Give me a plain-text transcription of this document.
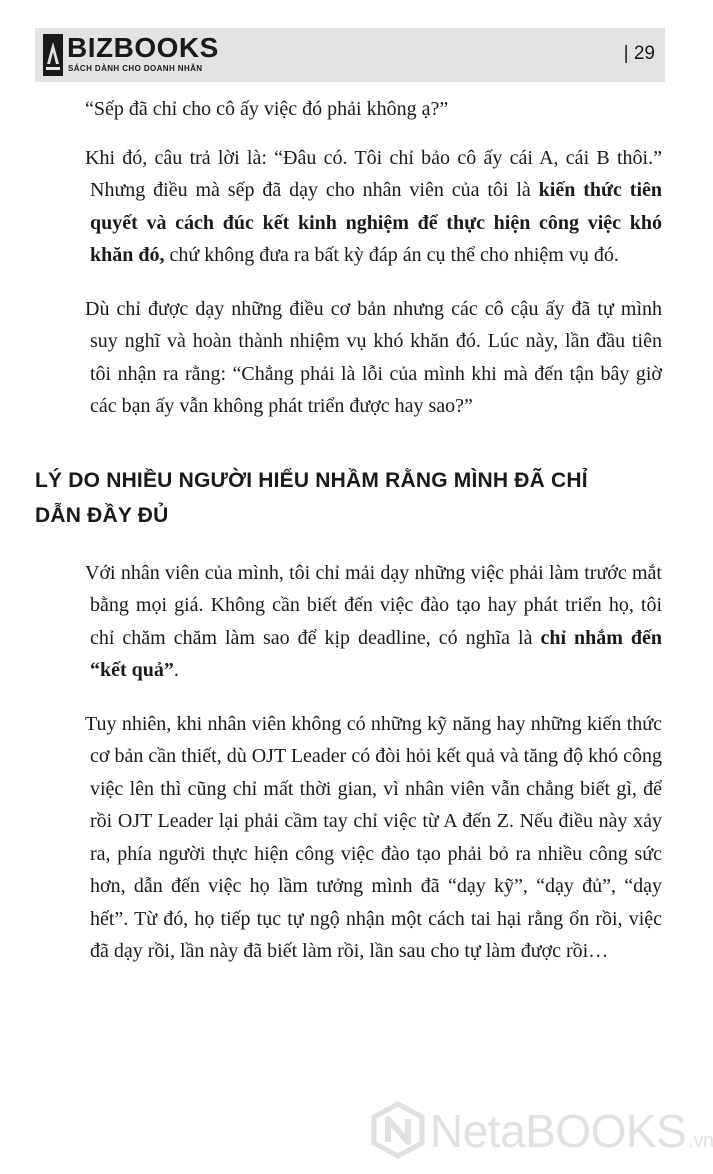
BIZBOOKS
SÁCH DÀNH CHO DOANH NHÂN
| 29

“Sếp đã chỉ cho cô ấy việc đó phải không ạ?”

Khi đó, câu trả lời là: “Đâu có. Tôi chỉ bảo cô ấy cái A, cái B thôi.” Nhưng điều mà sếp đã dạy cho nhân viên của tôi là kiến thức tiên quyết và cách đúc kết kinh nghiệm để thực hiện công việc khó khăn đó, chứ không đưa ra bất kỳ đáp án cụ thể cho nhiệm vụ đó.

Dù chỉ được dạy những điều cơ bản nhưng các cô cậu ấy đã tự mình suy nghĩ và hoàn thành nhiệm vụ khó khăn đó. Lúc này, lần đầu tiên tôi nhận ra rằng: “Chẳng phải là lỗi của mình khi mà đến tận bây giờ các bạn ấy vẫn không phát triển được hay sao?”

LÝ DO NHIỀU NGƯỜI HIỂU NHẦM RẰNG MÌNH ĐÃ CHỈ DẪN ĐẦY ĐỦ

Với nhân viên của mình, tôi chỉ mải dạy những việc phải làm trước mắt bằng mọi giá. Không cần biết đến việc đào tạo hay phát triển họ, tôi chỉ chăm chăm làm sao để kịp deadline, có nghĩa là chỉ nhắm đến “kết quả”.

Tuy nhiên, khi nhân viên không có những kỹ năng hay những kiến thức cơ bản cần thiết, dù OJT Leader có đòi hỏi kết quả và tăng độ khó công việc lên thì cũng chỉ mất thời gian, vì nhân viên vẫn chẳng biết gì, để rồi OJT Leader lại phải cầm tay chỉ việc từ A đến Z. Nếu điều này xảy ra, phía người thực hiện công việc đào tạo phải bỏ ra nhiều công sức hơn, dẫn đến việc họ lầm tưởng mình đã “dạy kỹ”, “dạy đủ”, “dạy hết”. Từ đó, họ tiếp tục tự ngộ nhận một cách tai hại rằng ổn rồi, việc đã dạy rồi, lần này đã biết làm rồi, lần sau cho tự làm được rồi…

NetaBOOKS .vn
